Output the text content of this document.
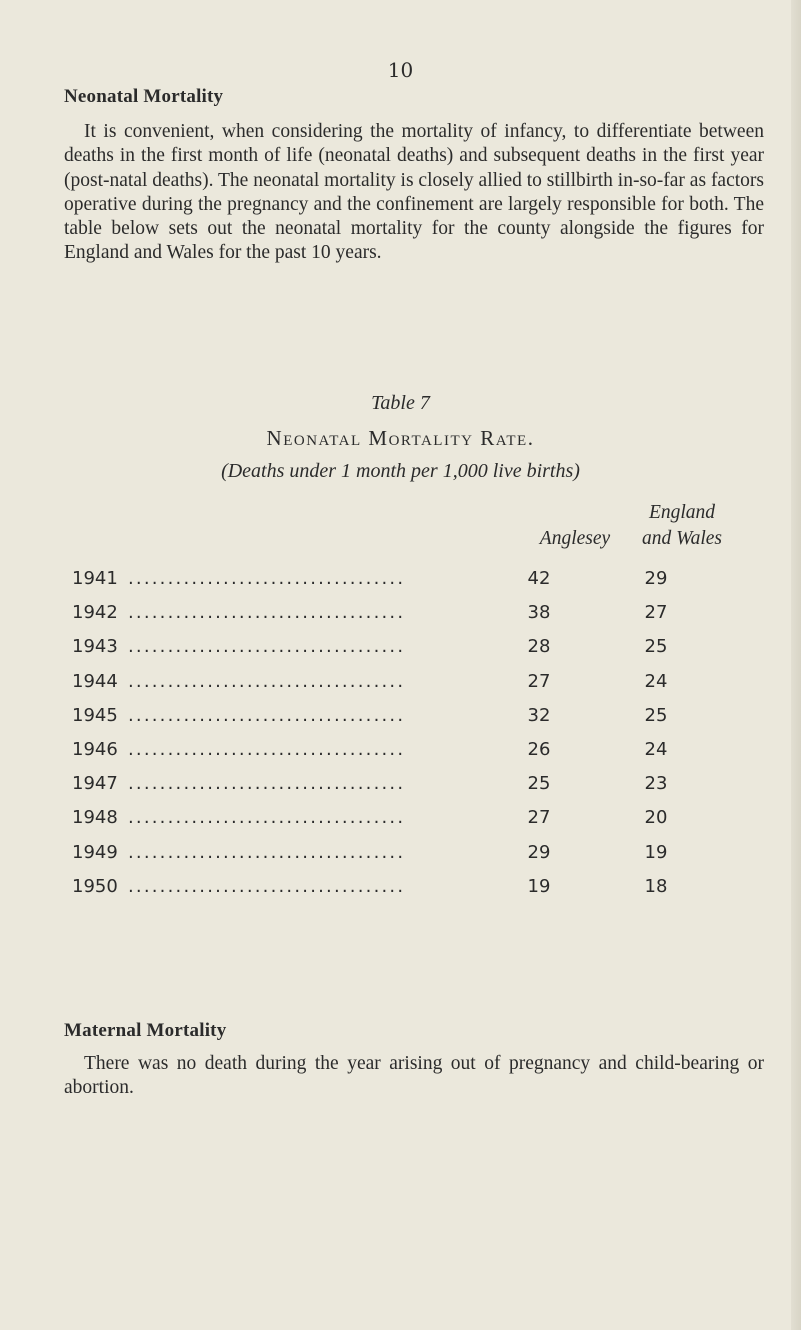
10
Neonatal Mortality

It is convenient, when considering the mortality of infancy, to differentiate between deaths in the first month of life (neonatal deaths) and subsequent deaths in the first year (post-natal deaths). The neonatal mortality is closely allied to stillbirth in-so-far as factors operative during the pregnancy and the confinement are largely responsible for both. The table below sets out the neonatal mortality for the county alongside the figures for England and Wales for the past 10 years.

Table 7
Neonatal Mortality Rate.
(Deaths under 1 month per 1,000 live births)
Anglesey
England
and Wales
1941 ...................................	42	29
1942 ...................................	38	27
1943 ...................................	28	25
1944 ...................................	27	24
1945 ...................................	32	25
1946 ...................................	26	24
1947 ...................................	25	23
1948 ...................................	27	20
1949 ...................................	29	19
1950 ...................................	19	18
Maternal Mortality

There was no death during the year arising out of pregnancy and child-bearing or abortion.
